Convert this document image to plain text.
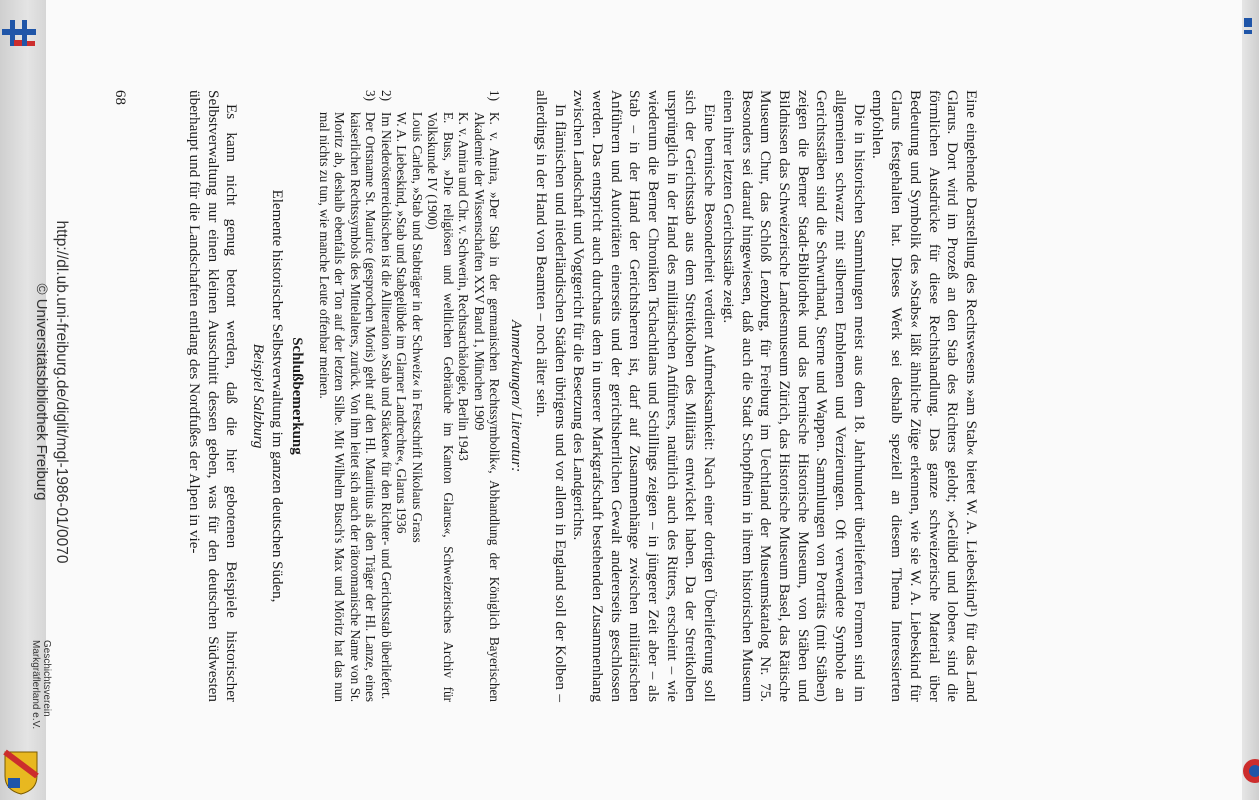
Eine eingehende Darstellung des Rechtswesens »am Stab« bietet W. A. Liebeskind¹) für das Land Glarus. Dort wird im Prozeß an den Stab des Richters gelobt; »Gelübd und loben« sind die förmlichen Ausdrücke für diese Rechtshandlung. Das ganze schweizerische Material über Bedeutung und Symbolik des »Stabs« läßt ähnliche Züge erkennen, wie sie W. A. Liebeskind für Glarus festgehalten hat. Dieses Werk sei deshalb speziell an diesem Thema Interessierten empfohlen.

Die in historischen Sammlungen meist aus dem 18. Jahrhundert überlieferten Formen sind im allgemeinen schwarz mit silbernen Emblemen und Verzierungen. Oft verwendete Symbole an Gerichtsstäben sind die Schwurhand, Sterne und Wappen. Sammlungen von Porträts (mit Stäben) zeigen die Berner Stadt-Bibliothek und das bernische Historische Museum, von Stäben und Bildnissen das Schweizerische Landesmuseum Zürich, das Historische Museum Basel, das Rätische Museum Chur, das Schloß Lenzburg, für Freiburg im Uechtland der Museumskatalog Nr. 75. Besonders sei darauf hingewiesen, daß auch die Stadt Schopfheim in ihrem historischen Museum einen ihrer letzten Gerichtsstäbe zeigt.

Eine bernische Besonderheit verdient Aufmerksamkeit: Nach einer dortigen Überlieferung soll sich der Gerichtsstab aus dem Streitkolben des Militärs entwickelt haben. Da der Streitkolben ursprünglich in der Hand des militärischen Anführers, natürlich auch des Ritters, erscheint – wie wiederum die Berner Chroniken Tschachtlans und Schillings zeigen – in jüngerer Zeit aber – als Stab – in der Hand der Gerichtsherren ist, darf auf Zusammenhänge zwischen militärischen Anführern und Autoritäten einerseits und der gerichtsherrlichen Gewalt andererseits geschlossen werden. Das entspricht auch durchaus dem in unserer Markgrafschaft bestehenden Zusammenhang zwischen Landschaft und Vogtgericht für die Besetzung des Landgerichts.

In flämischen und niederländischen Städten übrigens und vor allem in England soll der Kolben – allerdings in der Hand von Beamten – noch älter sein.

Anmerkungen/ Literatur:
1)
K. v. Amira, »Der Stab in der germanischen Rechtssymbolik«, Abhandlung der Königlich Bayerischen Akademie der Wissenschaften XXV Band 1, München 1909
K. v. Amira und Chr. v. Schwerin, Rechtsarchäologie, Berlin 1943
E. Buss, »Die religiösen und weltlichen Gebräuche im Kanton Glarus«, Schweizerisches Archiv für Volkskunde IV (1900)
Louis Carlen, »Stab und Stabträger in der Schweiz« in Festschrift Nikolaus Grass
W. A. Liebeskind, »Stab und Stabgelübde im Glarner Landrechte«, Glarus 1936
2)
Im Niederösterreichischen ist die Alliteration »Stab und Stäcken« für den Richter- und Gerichtsstab überliefert.
3)
Der Ortsname St. Maurice (gesprochen Moris) geht auf den Hl. Mauritius als den Träger der Hl. Lanze, eines kaiserlichen Rechtssymbols des Mittelalters, zurück. Von ihm leitet sich auch der rätoromanische Name von St. Moritz ab, deshalb ebenfalls der Ton auf der letzten Silbe. Mit Wilhelm Busch's Max und Möritz hat das nun mal nichts zu tun, wie manche Leute offenbar meinen.
Schlußbemerkung
Elemente historischer Selbstverwaltung im ganzen deutschen Süden,
Beispiel Salzburg

Es kann nicht genug betont werden, daß die hier gebotenen Beispiele historischer Selbstverwaltung nur einen kleinen Ausschnitt dessen geben, was für den deutschen Südwesten überhaupt und für die Landschaften entlang des Nordfußes der Alpen in vie-

68
http://dl.ub.uni-freiburg.de/diglit/mgl-1986-01/0070
© Universitätsbibliothek Freiburg
Geschichtsverein
Markgräflerland e.V.
